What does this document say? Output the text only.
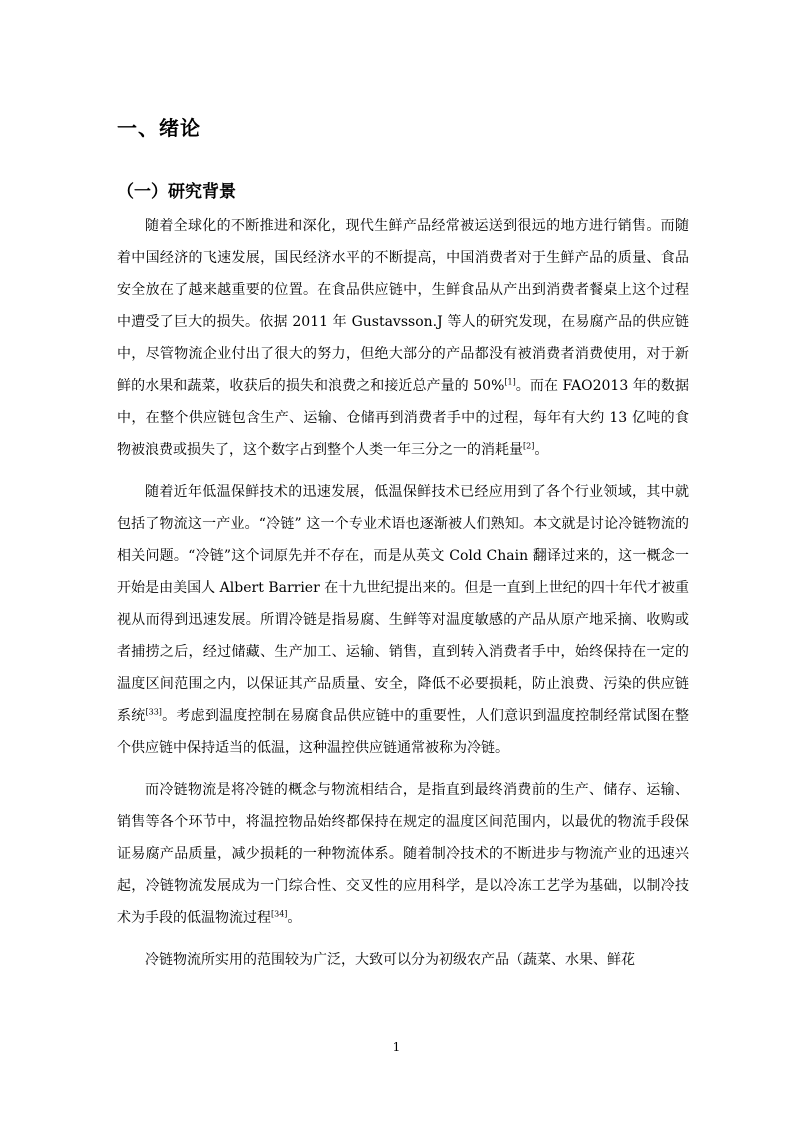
一、绪论
（一）研究背景

随着全球化的不断推进和深化，现代生鲜产品经常被运送到很远的地方进行销售。而随着中国经济的飞速发展，国民经济水平的不断提高，中国消费者对于生鲜产品的质量、食品安全放在了越来越重要的位置。在食品供应链中，生鲜食品从产出到消费者餐桌上这个过程中遭受了巨大的损失。依据 2011 年 Gustavsson.J 等人的研究发现，在易腐产品的供应链中，尽管物流企业付出了很大的努力，但绝大部分的产品都没有被消费者消费使用，对于新鲜的水果和蔬菜，收获后的损失和浪费之和接近总产量的 50%[1]。而在 FAO2013 年的数据中，在整个供应链包含生产、运输、仓储再到消费者手中的过程，每年有大约 13 亿吨的食物被浪费或损失了，这个数字占到整个人类一年三分之一的消耗量[2]。

随着近年低温保鲜技术的迅速发展，低温保鲜技术已经应用到了各个行业领域，其中就包括了物流这一产业。“冷链” 这一个专业术语也逐渐被人们熟知。本文就是讨论冷链物流的相关问题。“冷链”这个词原先并不存在，而是从英文 Cold Chain 翻译过来的，这一概念一开始是由美国人 Albert Barrier 在十九世纪提出来的。但是一直到上世纪的四十年代才被重视从而得到迅速发展。所谓冷链是指易腐、生鲜等对温度敏感的产品从原产地采摘、收购或者捕捞之后，经过储藏、生产加工、运输、销售，直到转入消费者手中，始终保持在一定的温度区间范围之内，以保证其产品质量、安全，降低不必要损耗，防止浪费、污染的供应链系统[33]。考虑到温度控制在易腐食品供应链中的重要性，人们意识到温度控制经常试图在整个供应链中保持适当的低温，这种温控供应链通常被称为冷链。

而冷链物流是将冷链的概念与物流相结合，是指直到最终消费前的生产、储存、运输、销售等各个环节中，将温控物品始终都保持在规定的温度区间范围内，以最优的物流手段保证易腐产品质量，减少损耗的一种物流体系。随着制冷技术的不断进步与物流产业的迅速兴起，冷链物流发展成为一门综合性、交叉性的应用科学，是以冷冻工艺学为基础，以制冷技术为手段的低温物流过程[34]。

冷链物流所实用的范围较为广泛，大致可以分为初级农产品（蔬菜、水果、鲜花

1
